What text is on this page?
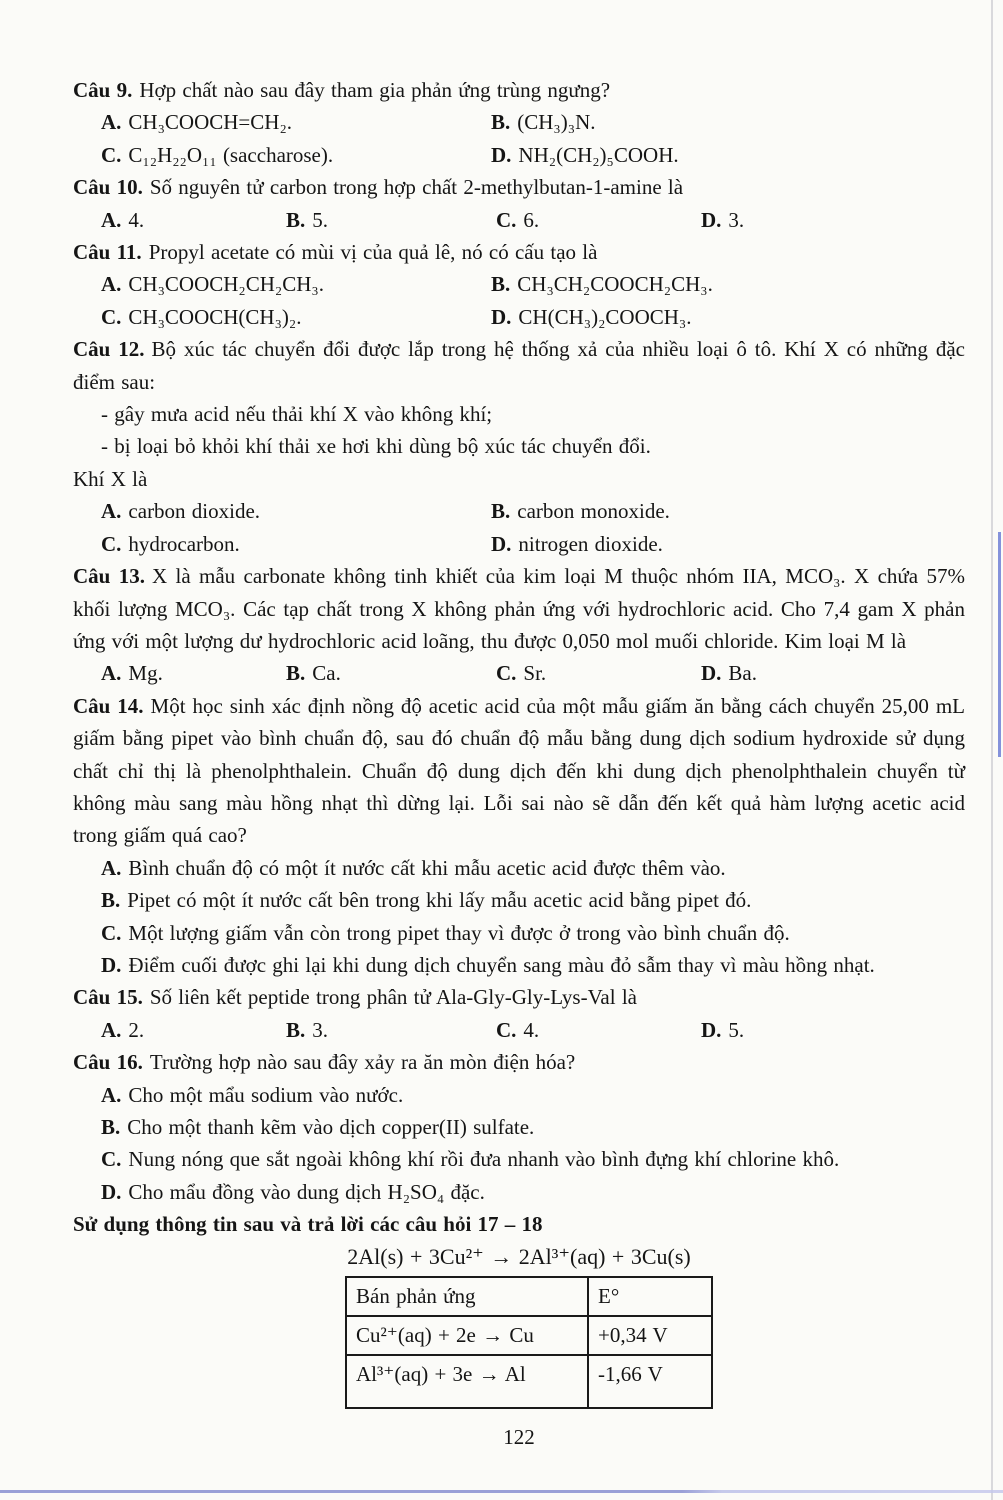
Câu 9. Hợp chất nào sau đây tham gia phản ứng trùng ngưng?

A. CH₃COOCH=CH₂.	B. (CH₃)₃N.

C. C₁₂H₂₂O₁₁ (saccharose).	D. NH₂(CH₂)₅COOH.

Câu 10. Số nguyên tử carbon trong hợp chất 2-methylbutan-1-amine là

A. 4.	B. 5.	C. 6.	D. 3.

Câu 11. Propyl acetate có mùi vị của quả lê, nó có cấu tạo là

A. CH₃COOCH₂CH₂CH₃.	B. CH₃CH₂COOCH₂CH₃.

C. CH₃COOCH(CH₃)₂.	D. CH(CH₃)₂COOCH₃.

Câu 12. Bộ xúc tác chuyển đổi được lắp trong hệ thống xả của nhiều loại ô tô. Khí X có những đặc điểm sau:

- gây mưa acid nếu thải khí X vào không khí;

- bị loại bỏ khỏi khí thải xe hơi khi dùng bộ xúc tác chuyển đổi.

Khí X là

A. carbon dioxide.	B. carbon monoxide.

C. hydrocarbon.	D. nitrogen dioxide.

Câu 13. X là mẫu carbonate không tinh khiết của kim loại M thuộc nhóm IIA, MCO₃. X chứa 57% khối lượng MCO₃. Các tạp chất trong X không phản ứng với hydrochloric acid. Cho 7,4 gam X phản ứng với một lượng dư hydrochloric acid loãng, thu được 0,050 mol muối chloride. Kim loại M là

A. Mg.	B. Ca.	C. Sr.	D. Ba.

Câu 14. Một học sinh xác định nồng độ acetic acid của một mẫu giấm ăn bằng cách chuyển 25,00 mL giấm bằng pipet vào bình chuẩn độ, sau đó chuẩn độ mẫu bằng dung dịch sodium hydroxide sử dụng chất chỉ thị là phenolphthalein. Chuẩn độ dung dịch đến khi dung dịch phenolphthalein chuyển từ không màu sang màu hồng nhạt thì dừng lại. Lỗi sai nào sẽ dẫn đến kết quả hàm lượng acetic acid trong giấm quá cao?

A. Bình chuẩn độ có một ít nước cất khi mẫu acetic acid được thêm vào.

B. Pipet có một ít nước cất bên trong khi lấy mẫu acetic acid bằng pipet đó.

C. Một lượng giấm vẫn còn trong pipet thay vì được ở trong vào bình chuẩn độ.

D. Điểm cuối được ghi lại khi dung dịch chuyển sang màu đỏ sẫm thay vì màu hồng nhạt.

Câu 15. Số liên kết peptide trong phân tử Ala-Gly-Gly-Lys-Val là

A. 2.	B. 3.	C. 4.	D. 5.

Câu 16. Trường hợp nào sau đây xảy ra ăn mòn điện hóa?

A. Cho một mẩu sodium vào nước.

B. Cho một thanh kẽm vào dịch copper(II) sulfate.

C. Nung nóng que sắt ngoài không khí rồi đưa nhanh vào bình đựng khí chlorine khô.

D. Cho mẩu đồng vào dung dịch H₂SO₄ đặc.

Sử dụng thông tin sau và trả lời các câu hỏi 17 – 18

2Al(s) + 3Cu²⁺ → 2Al³⁺(aq) + 3Cu(s)

Bán phản ứng	E°
Cu²⁺(aq) + 2e → Cu	+0,34 V
Al³⁺(aq) + 3e → Al	-1,66 V

122
